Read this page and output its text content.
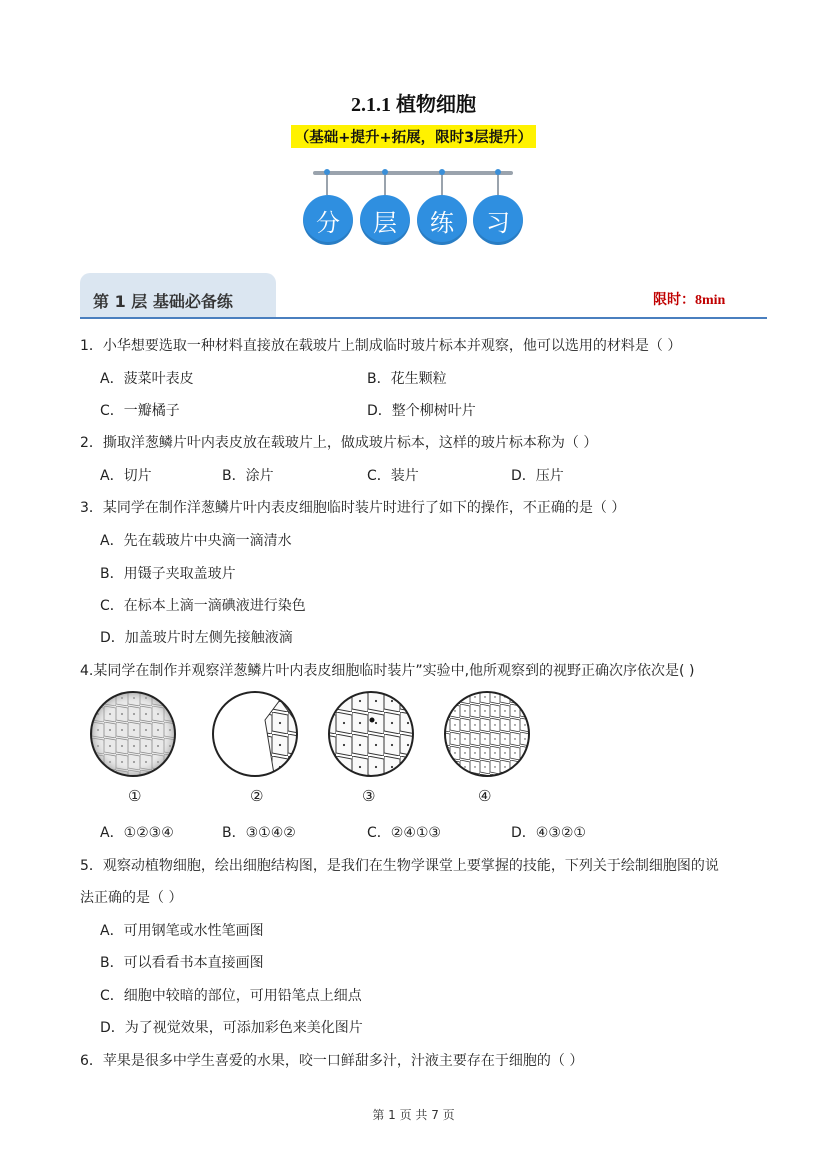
2.1.1 植物细胞
（基础+提升+拓展，限时3层提升）
分	层	练	习
第 1 层 基础必备练	限时：8min
1．小华想要选取一种材料直接放在载玻片上制成临时玻片标本并观察，他可以选用的材料是（ ）
A．菠菜叶表皮	B．花生颗粒
C．一瓣橘子	D．整个柳树叶片
2．撕取洋葱鳞片叶内表皮放在载玻片上，做成玻片标本，这样的玻片标本称为（ ）
A．切片	B．涂片	C．装片	D．压片
3．某同学在制作洋葱鳞片叶内表皮细胞临时装片时进行了如下的操作，不正确的是（ ）
A．先在载玻片中央滴一滴清水
B．用镊子夹取盖玻片
C．在标本上滴一滴碘液进行染色
D．加盖玻片时左侧先接触液滴
4.某同学在制作并观察洋葱鳞片叶内表皮细胞临时装片”实验中,他所观察到的视野正确次序依次是( )
①	②	③	④
A．①②③④	B．③①④②	C．②④①③	D．④③②①
5．观察动植物细胞，绘出细胞结构图，是我们在生物学课堂上要掌握的技能，下列关于绘制细胞图的说
法正确的是（ ）
A．可用钢笔或水性笔画图
B．可以看看书本直接画图
C．细胞中较暗的部位，可用铅笔点上细点
D．为了视觉效果，可添加彩色来美化图片
6．苹果是很多中学生喜爱的水果，咬一口鲜甜多汁，汁液主要存在于细胞的（ ）
第 1 页 共 7 页
